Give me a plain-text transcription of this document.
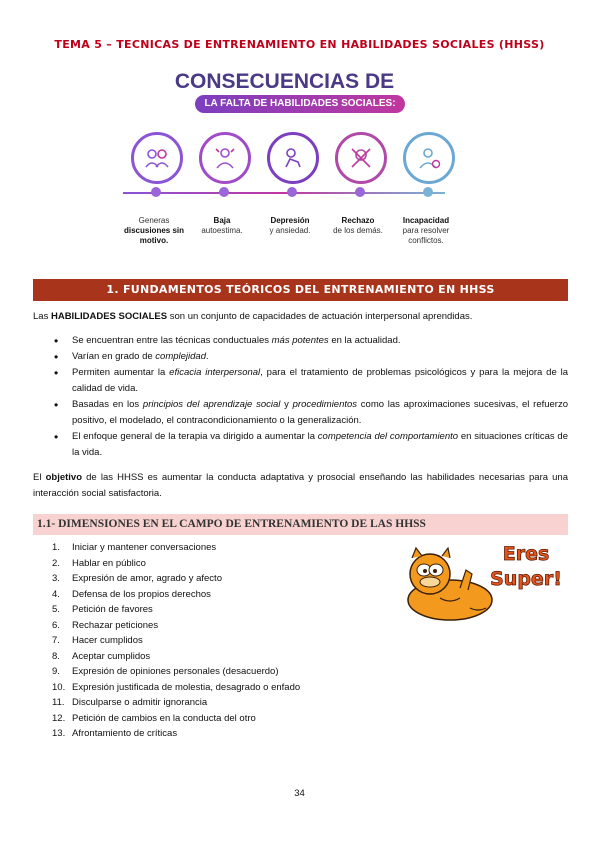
TEMA 5 – TECNICAS DE ENTRENAMIENTO EN HABILIDADES SOCIALES (HHSS)
CONSECUENCIAS DE
LA FALTA DE HABILIDADES SOCIALES:
Generas
discusiones sin motivo.
Baja
autoestima.
Depresión
y ansiedad.
Rechazo
de los demás.
Incapacidad
para resolver conflictos.
1. FUNDAMENTOS TEÓRICOS DEL ENTRENAMIENTO EN HHSS
Las HABILIDADES SOCIALES son un conjunto de capacidades de actuación interpersonal aprendidas.
• Se encuentran entre las técnicas conductuales más potentes en la actualidad.
• Varían en grado de complejidad.
• Permiten aumentar la eficacia interpersonal, para el tratamiento de problemas psicológicos y para la mejora de la calidad de vida.
• Basadas en los principios del aprendizaje social y procedimientos como las aproximaciones sucesivas, el refuerzo positivo, el modelado, el contracondicionamiento o la generalización.
• El enfoque general de la terapia va dirigido a aumentar la competencia del comportamiento en situaciones críticas de la vida.
El objetivo de las HHSS es aumentar la conducta adaptativa y prosocial enseñando las habilidades necesarias para una interacción social satisfactoria.
1.1- DIMENSIONES EN EL CAMPO DE ENTRENAMIENTO DE LAS HHSS
1. Iniciar y mantener conversaciones
2. Hablar en público
3. Expresión de amor, agrado y afecto
4. Defensa de los propios derechos
5. Petición de favores
6. Rechazar peticiones
7. Hacer cumplidos
8. Aceptar cumplidos
9. Expresión de opiniones personales (desacuerdo)
10. Expresión justificada de molestia, desagrado o enfado
11. Disculparse o admitir ignorancia
12. Petición de cambios en la conducta del otro
13. Afrontamiento de críticas
Eres
Super!
34
